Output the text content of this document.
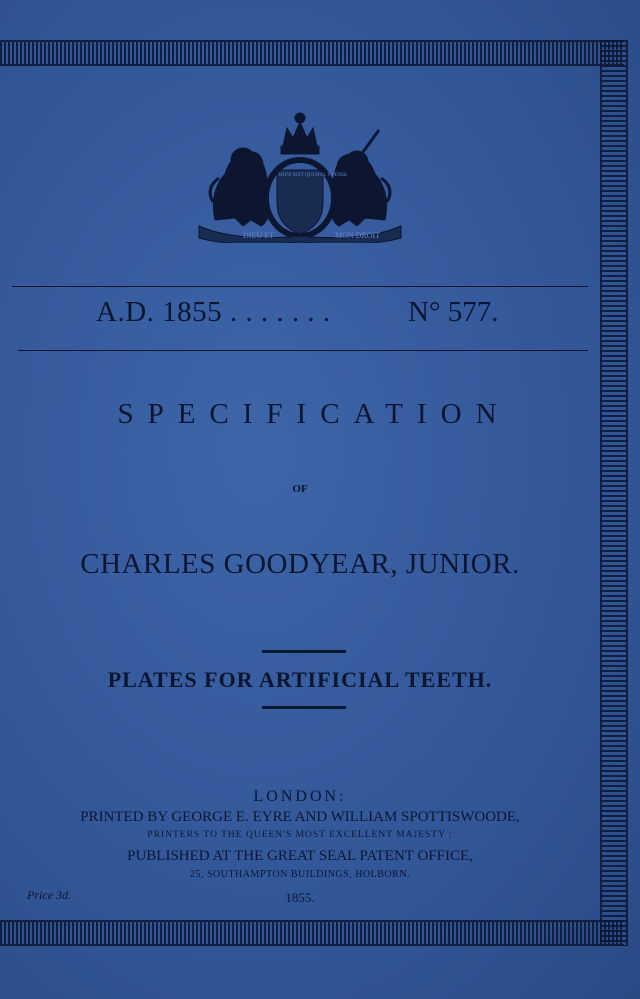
DIEU ET	MON DROIT
HONI SOIT QUI MAL Y PENSE
A.D. 1855 . . . . . . .	N° 577.
SPECIFICATION
OF
CHARLES GOODYEAR, JUNIOR.
PLATES FOR ARTIFICIAL TEETH.
LONDON:
PRINTED BY GEORGE E. EYRE AND WILLIAM SPOTTISWOODE,
PRINTERS TO THE QUEEN'S MOST EXCELLENT MAJESTY :
PUBLISHED AT THE GREAT SEAL PATENT OFFICE,
25, SOUTHAMPTON BUILDINGS, HOLBORN.
1855.
Price 3d.
